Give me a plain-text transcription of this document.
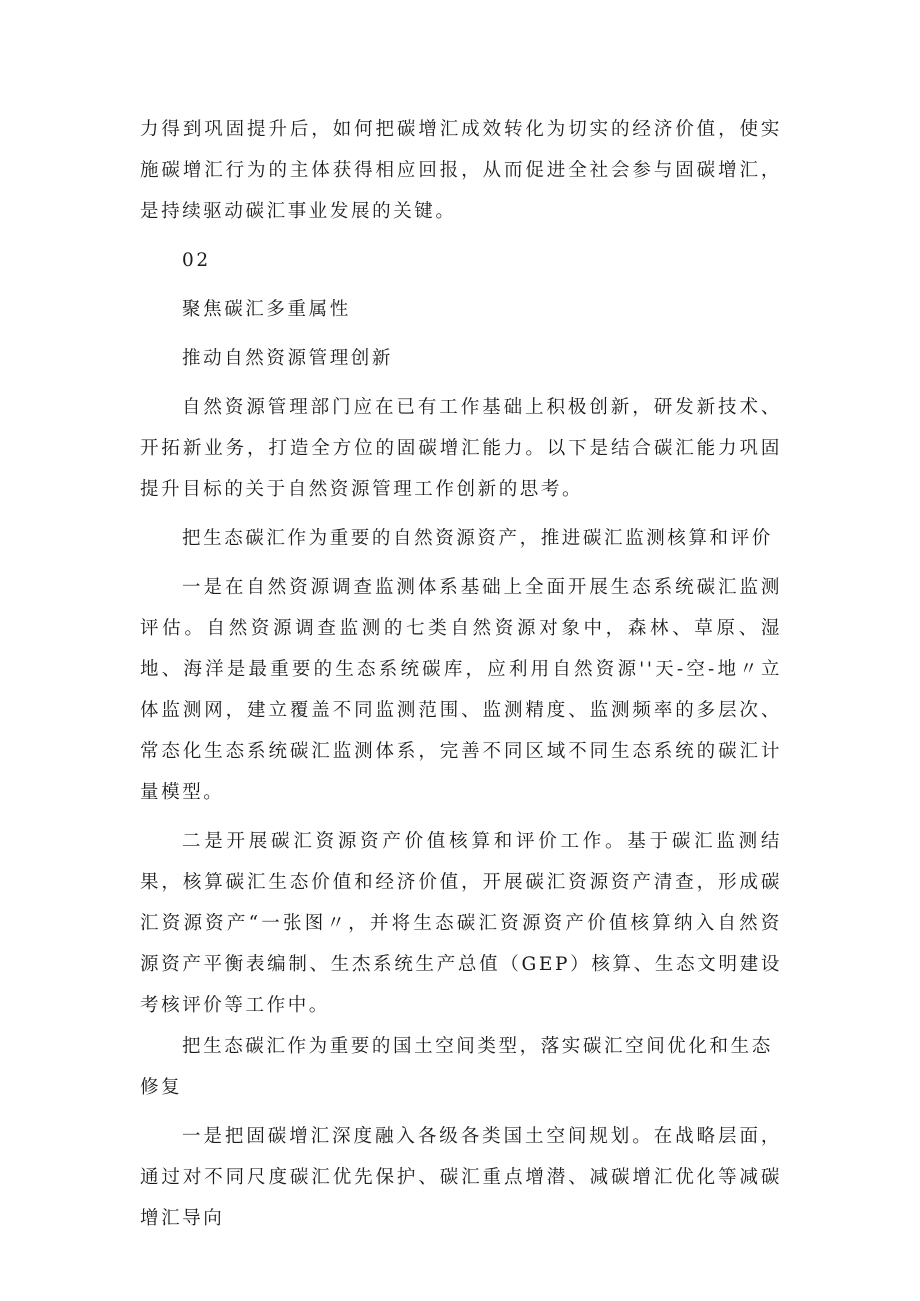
力得到巩固提升后，如何把碳增汇成效转化为切实的经济价值，使实施碳增汇行为的主体获得相应回报，从而促进全社会参与固碳增汇，是持续驱动碳汇事业发展的关键。

02

聚焦碳汇多重属性

推动自然资源管理创新

自然资源管理部门应在已有工作基础上积极创新，研发新技术、开拓新业务，打造全方位的固碳增汇能力。以下是结合碳汇能力巩固提升目标的关于自然资源管理工作创新的思考。

把生态碳汇作为重要的自然资源资产，推进碳汇监测核算和评价

一是在自然资源调查监测体系基础上全面开展生态系统碳汇监测评估。自然资源调查监测的七类自然资源对象中，森林、草原、湿地、海洋是最重要的生态系统碳库，应利用自然资源''天-空-地〃立体监测网，建立覆盖不同监测范围、监测精度、监测频率的多层次、常态化生态系统碳汇监测体系，完善不同区域不同生态系统的碳汇计量模型。

二是开展碳汇资源资产价值核算和评价工作。基于碳汇监测结果，核算碳汇生态价值和经济价值，开展碳汇资源资产清查，形成碳汇资源资产“一张图〃，并将生态碳汇资源资产价值核算纳入自然资源资产平衡表编制、生杰系统生产总值（GEP）核算、生态文明建设考核评价等工作中。

把生态碳汇作为重要的国土空间类型，落实碳汇空间优化和生态修复

一是把固碳增汇深度融入各级各类国土空间规划。在战略层面，通过对不同尺度碳汇优先保护、碳汇重点增潜、减碳增汇优化等减碳增汇导向
